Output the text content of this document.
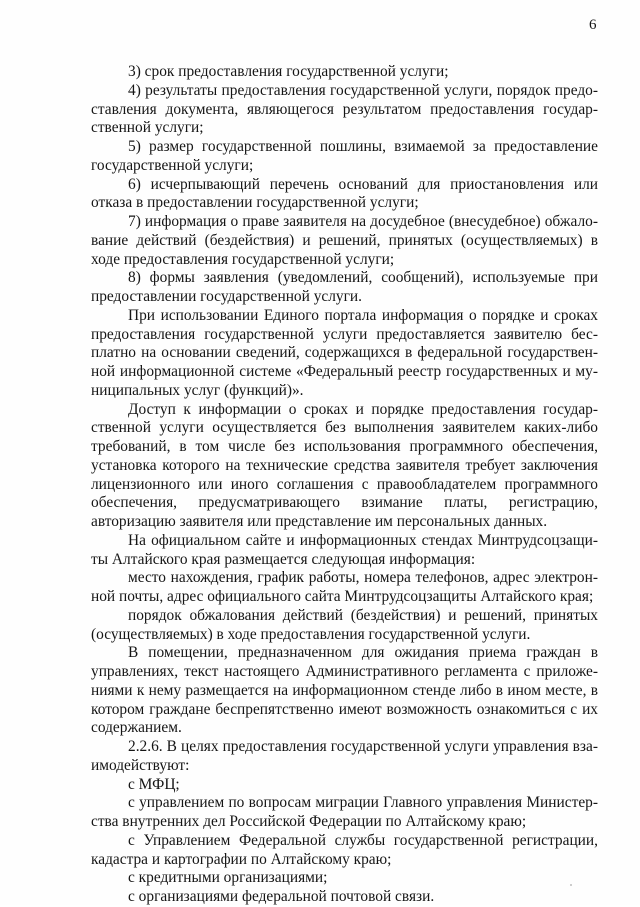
6

3) срок предоставления государственной услуги;

4) результаты предоставления государственной услуги, порядок предоставления документа, являющегося результатом предоставления государственной услуги;

5) размер государственной пошлины, взимаемой за предоставление государственной услуги;

6) исчерпывающий перечень оснований для приостановления или отказа в предоставлении государственной услуги;

7) информация о праве заявителя на досудебное (внесудебное) обжалование действий (бездействия) и решений, принятых (осуществляемых) в ходе предоставления государственной услуги;

8) формы заявления (уведомлений, сообщений), используемые при предоставлении государственной услуги.

При использовании Единого портала информация о порядке и сроках предоставления государственной услуги предоставляется заявителю бесплатно на основании сведений, содержащихся в федеральной государственной информационной системе «Федеральный реестр государственных и муниципальных услуг (функций)».

Доступ к информации о сроках и порядке предоставления государственной услуги осуществляется без выполнения заявителем каких-либо требований, в том числе без использования программного обеспечения, установка которого на технические средства заявителя требует заключения лицензионного или иного соглашения с правообладателем программного обеспечения, предусматривающего взимание платы, регистрацию, авторизацию заявителя или представление им персональных данных.

На официальном сайте и информационных стендах Минтрудсоцзащиты Алтайского края размещается следующая информация:

место нахождения, график работы, номера телефонов, адрес электронной почты, адрес официального сайта Минтрудсоцзащиты Алтайского края;

порядок обжалования действий (бездействия) и решений, принятых (осуществляемых) в ходе предоставления государственной услуги.

В помещении, предназначенном для ожидания приема граждан в управлениях, текст настоящего Административного регламента с приложениями к нему размещается на информационном стенде либо в ином месте, в котором граждане беспрепятственно имеют возможность ознакомиться с их содержанием.

2.2.6. В целях предоставления государственной услуги управления взаимодействуют:

с МФЦ;

с управлением по вопросам миграции Главного управления Министерства внутренних дел Российской Федерации по Алтайскому краю;

с Управлением Федеральной службы государственной регистрации, кадастра и картографии по Алтайскому краю;

с кредитными организациями;

с организациями федеральной почтовой связи.
